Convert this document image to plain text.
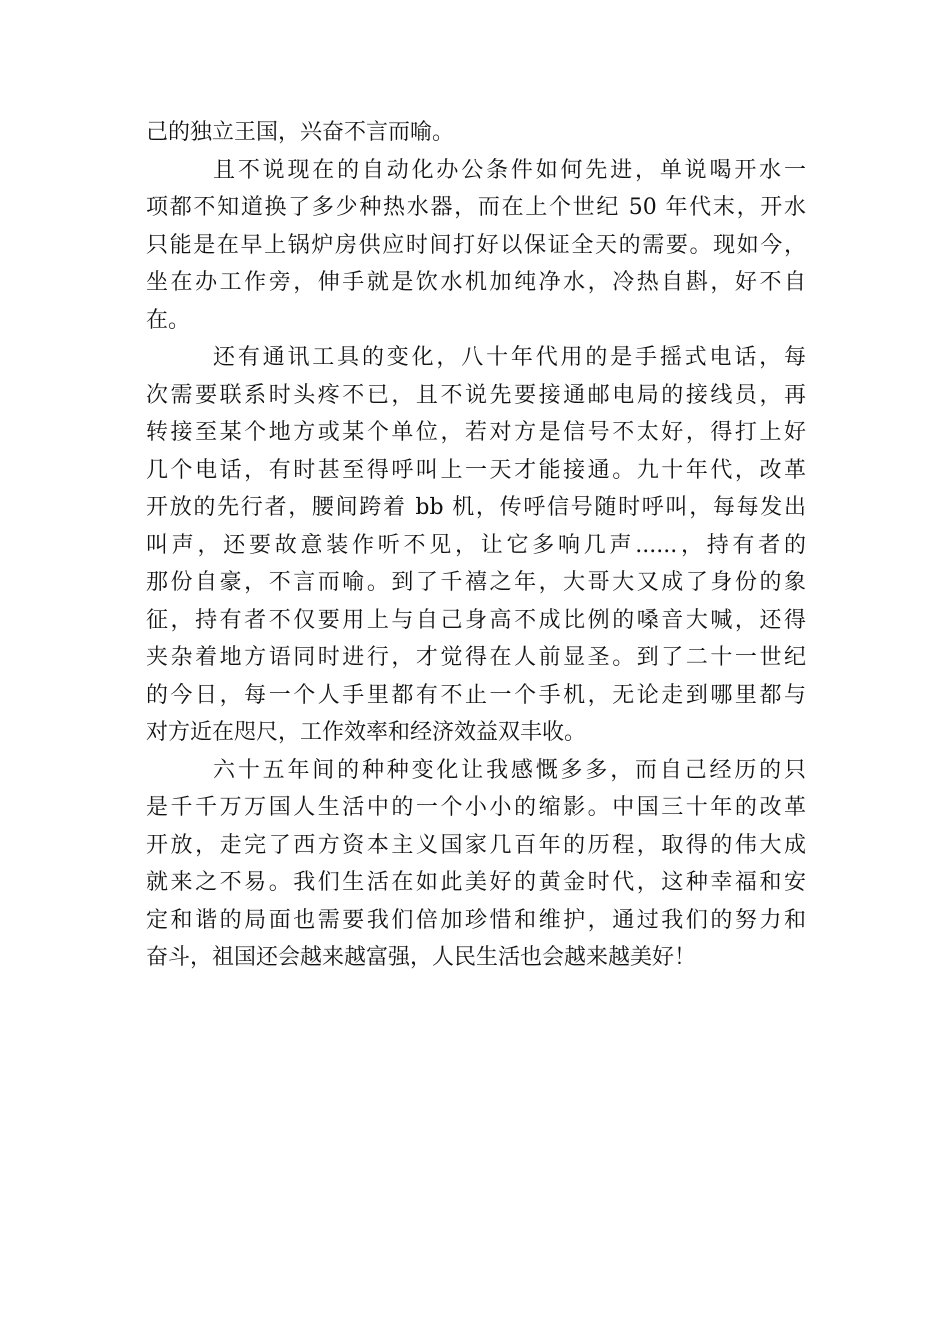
己的独立王国，兴奋不言而喻。
且不说现在的自动化办公条件如何先进，单说喝开水一
项都不知道换了多少种热水器，而在上个世纪 50 年代末，开水
只能是在早上锅炉房供应时间打好以保证全天的需要。现如今，
坐在办工作旁，伸手就是饮水机加纯净水，冷热自斟，好不自
在。
还有通讯工具的变化，八十年代用的是手摇式电话，每
次需要联系时头疼不已，且不说先要接通邮电局的接线员，再
转接至某个地方或某个单位，若对方是信号不太好，得打上好
几个电话，有时甚至得呼叫上一天才能接通。九十年代，改革
开放的先行者，腰间跨着 bb 机，传呼信号随时呼叫，每每发出
叫声，还要故意装作听不见，让它多响几声......，持有者的
那份自豪，不言而喻。到了千禧之年，大哥大又成了身份的象
征，持有者不仅要用上与自己身高不成比例的嗓音大喊，还得
夹杂着地方语同时进行，才觉得在人前显圣。到了二十一世纪
的今日，每一个人手里都有不止一个手机，无论走到哪里都与
对方近在咫尺，工作效率和经济效益双丰收。
六十五年间的种种变化让我感慨多多，而自己经历的只
是千千万万国人生活中的一个小小的缩影。中国三十年的改革
开放，走完了西方资本主义国家几百年的历程，取得的伟大成
就来之不易。我们生活在如此美好的黄金时代，这种幸福和安
定和谐的局面也需要我们倍加珍惜和维护，通过我们的努力和
奋斗，祖国还会越来越富强，人民生活也会越来越美好！
